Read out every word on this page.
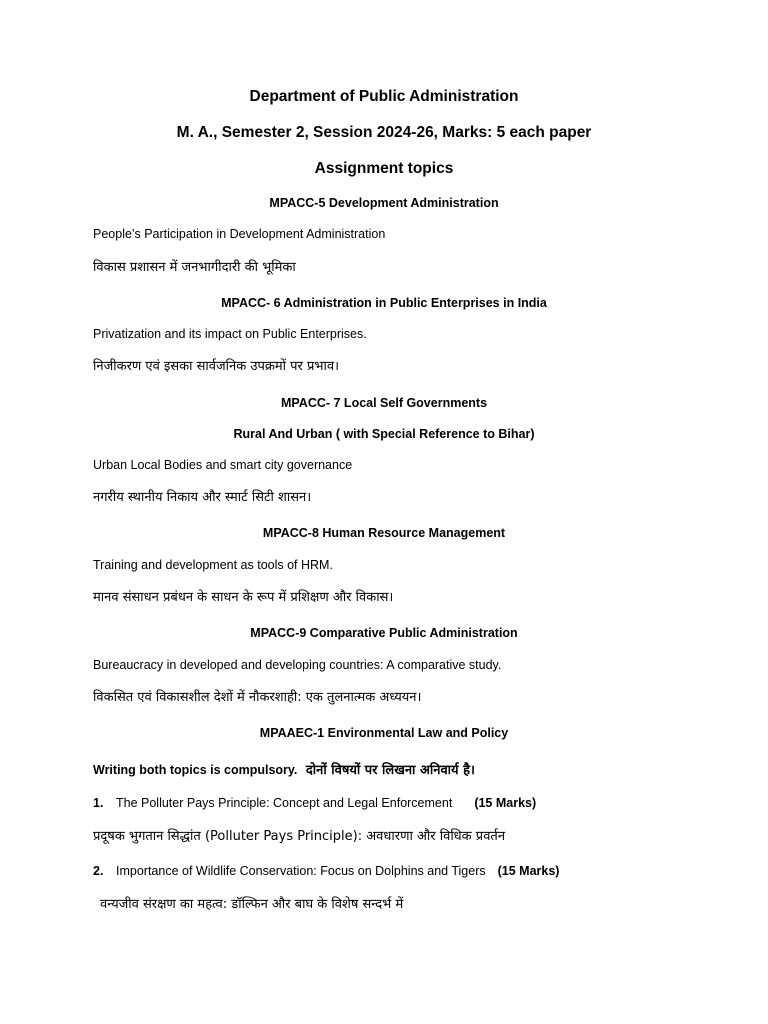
Department of Public Administration
M. A., Semester 2, Session 2024-26, Marks: 5 each paper
Assignment topics
MPACC-5 Development Administration
People’s Participation in Development Administration
विकास प्रशासन में जनभागीदारी की भूमिका
MPACC- 6 Administration in Public Enterprises in India
Privatization and its impact on Public Enterprises.
निजीकरण एवं इसका सार्वजनिक उपक्रमों पर प्रभाव।
MPACC- 7 Local Self Governments
Rural And Urban ( with Special Reference to Bihar)
Urban Local Bodies and smart city governance
नगरीय स्थानीय निकाय और स्मार्ट सिटी शासन।
MPACC-8 Human Resource Management
Training and development as tools of HRM.
मानव संसाधन प्रबंधन के साधन के रूप में प्रशिक्षण और विकास।
MPACC-9 Comparative Public Administration
Bureaucracy in developed and developing countries: A comparative study.
विकसित एवं विकासशील देशों में नौकरशाही: एक तुलनात्मक अध्ययन।
MPAAEC-1 Environmental Law and Policy
Writing both topics is compulsory. दोनों विषयों पर लिखना अनिवार्य है।
1. The Polluter Pays Principle: Concept and Legal Enforcement (15 Marks)
प्रदूषक भुगतान सिद्धांत (Polluter Pays Principle): अवधारणा और विधिक प्रवर्तन
2. Importance of Wildlife Conservation: Focus on Dolphins and Tigers (15 Marks)
वन्यजीव संरक्षण का महत्व: डॉल्फिन और बाघ के विशेष सन्दर्भ में
